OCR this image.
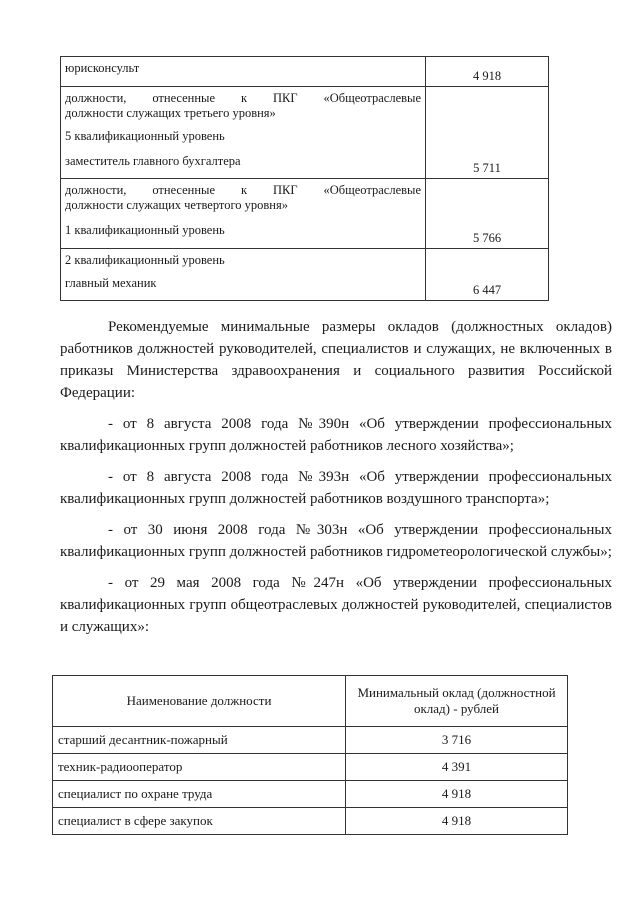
юрисконсульт	4 918

должности, отнесенные к ПКГ «Общеотраслевые
должности служащих третьего уровня»
5 квалификационный уровень
заместитель главного бухгалтера	5 711

должности, отнесенные к ПКГ «Общеотраслевые
должности служащих четвертого уровня»
1 квалификационный уровень	5 766

2 квалификационный уровень
главный механик	6 447

Рекомендуемые минимальные размеры окладов (должностных окладов) работников должностей руководителей, специалистов и служащих, не включенных в приказы Министерства здравоохранения и социального развития Российской Федерации:

- от 8 августа 2008 года №390н «Об утверждении профессиональных квалификационных групп должностей работников лесного хозяйства»;

- от 8 августа 2008 года №393н «Об утверждении профессиональных квалификационных групп должностей работников воздушного транспорта»;

- от 30 июня 2008 года №303н «Об утверждении профессиональных квалификационных групп должностей работников гидрометеорологической службы»;

- от 29 мая 2008 года №247н «Об утверждении профессиональных квалификационных групп общеотраслевых должностей руководителей, специалистов и служащих»:

Наименование должности	Минимальный оклад (должностной оклад) - рублей
старший десантник-пожарный	3 716
техник-радиооператор	4 391
специалист по охране труда	4 918
специалист в сфере закупок	4 918
